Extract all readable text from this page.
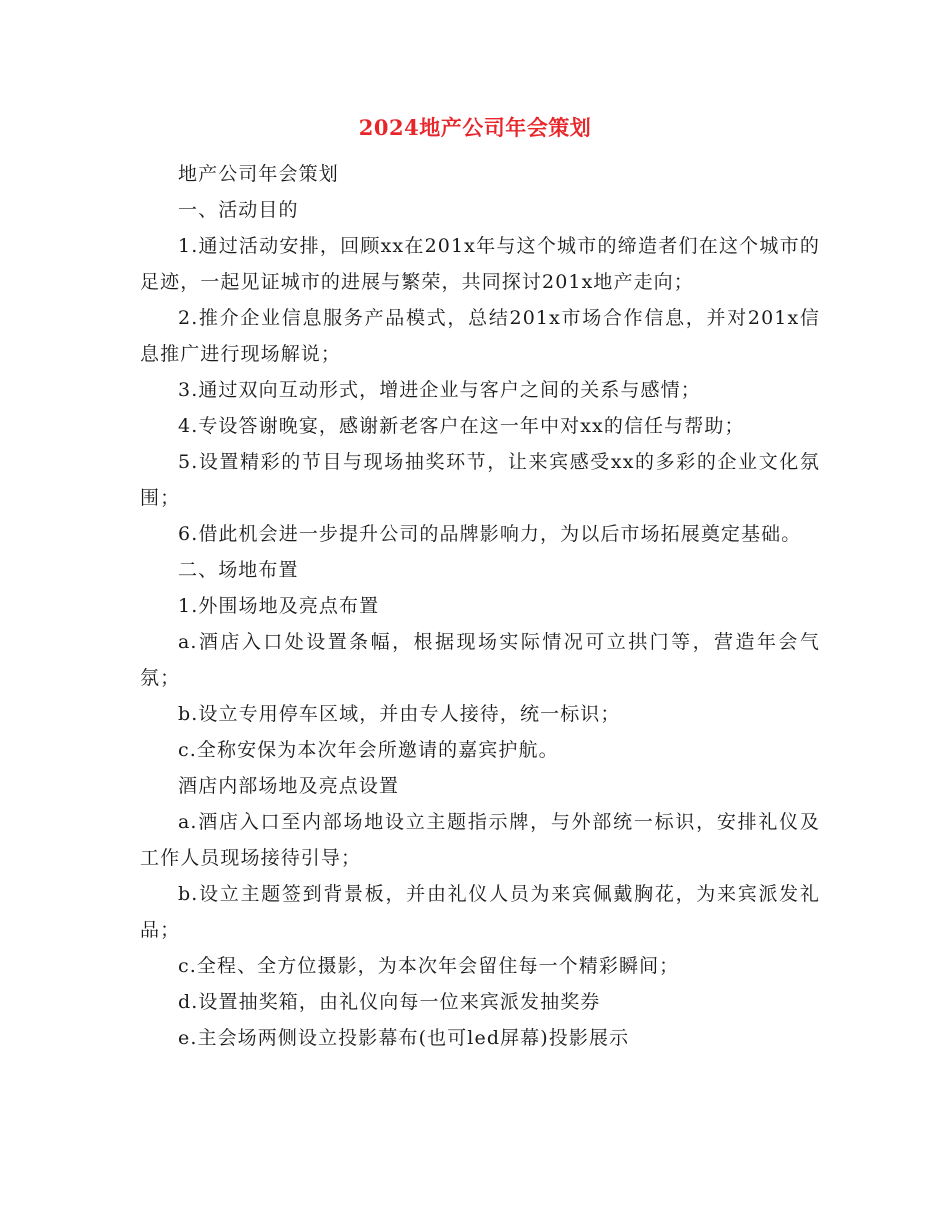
2024地产公司年会策划

地产公司年会策划

一、活动目的

1.通过活动安排，回顾xx在201x年与这个城市的缔造者们在这个城市的足迹，一起见证城市的进展与繁荣，共同探讨201x地产走向；

2.推介企业信息服务产品模式，总结201x市场合作信息，并对201x信息推广进行现场解说；

3.通过双向互动形式，增进企业与客户之间的关系与感情；

4.专设答谢晚宴，感谢新老客户在这一年中对xx的信任与帮助；

5.设置精彩的节目与现场抽奖环节，让来宾感受xx的多彩的企业文化氛围；

6.借此机会进一步提升公司的品牌影响力，为以后市场拓展奠定基础。

二、场地布置

1.外围场地及亮点布置

a.酒店入口处设置条幅，根据现场实际情况可立拱门等，营造年会气氛；

b.设立专用停车区域，并由专人接待，统一标识；

c.全称安保为本次年会所邀请的嘉宾护航。

酒店内部场地及亮点设置

a.酒店入口至内部场地设立主题指示牌，与外部统一标识，安排礼仪及工作人员现场接待引导；

b.设立主题签到背景板，并由礼仪人员为来宾佩戴胸花，为来宾派发礼品；

c.全程、全方位摄影，为本次年会留住每一个精彩瞬间；

d.设置抽奖箱，由礼仪向每一位来宾派发抽奖券

e.主会场两侧设立投影幕布(也可led屏幕)投影展示
